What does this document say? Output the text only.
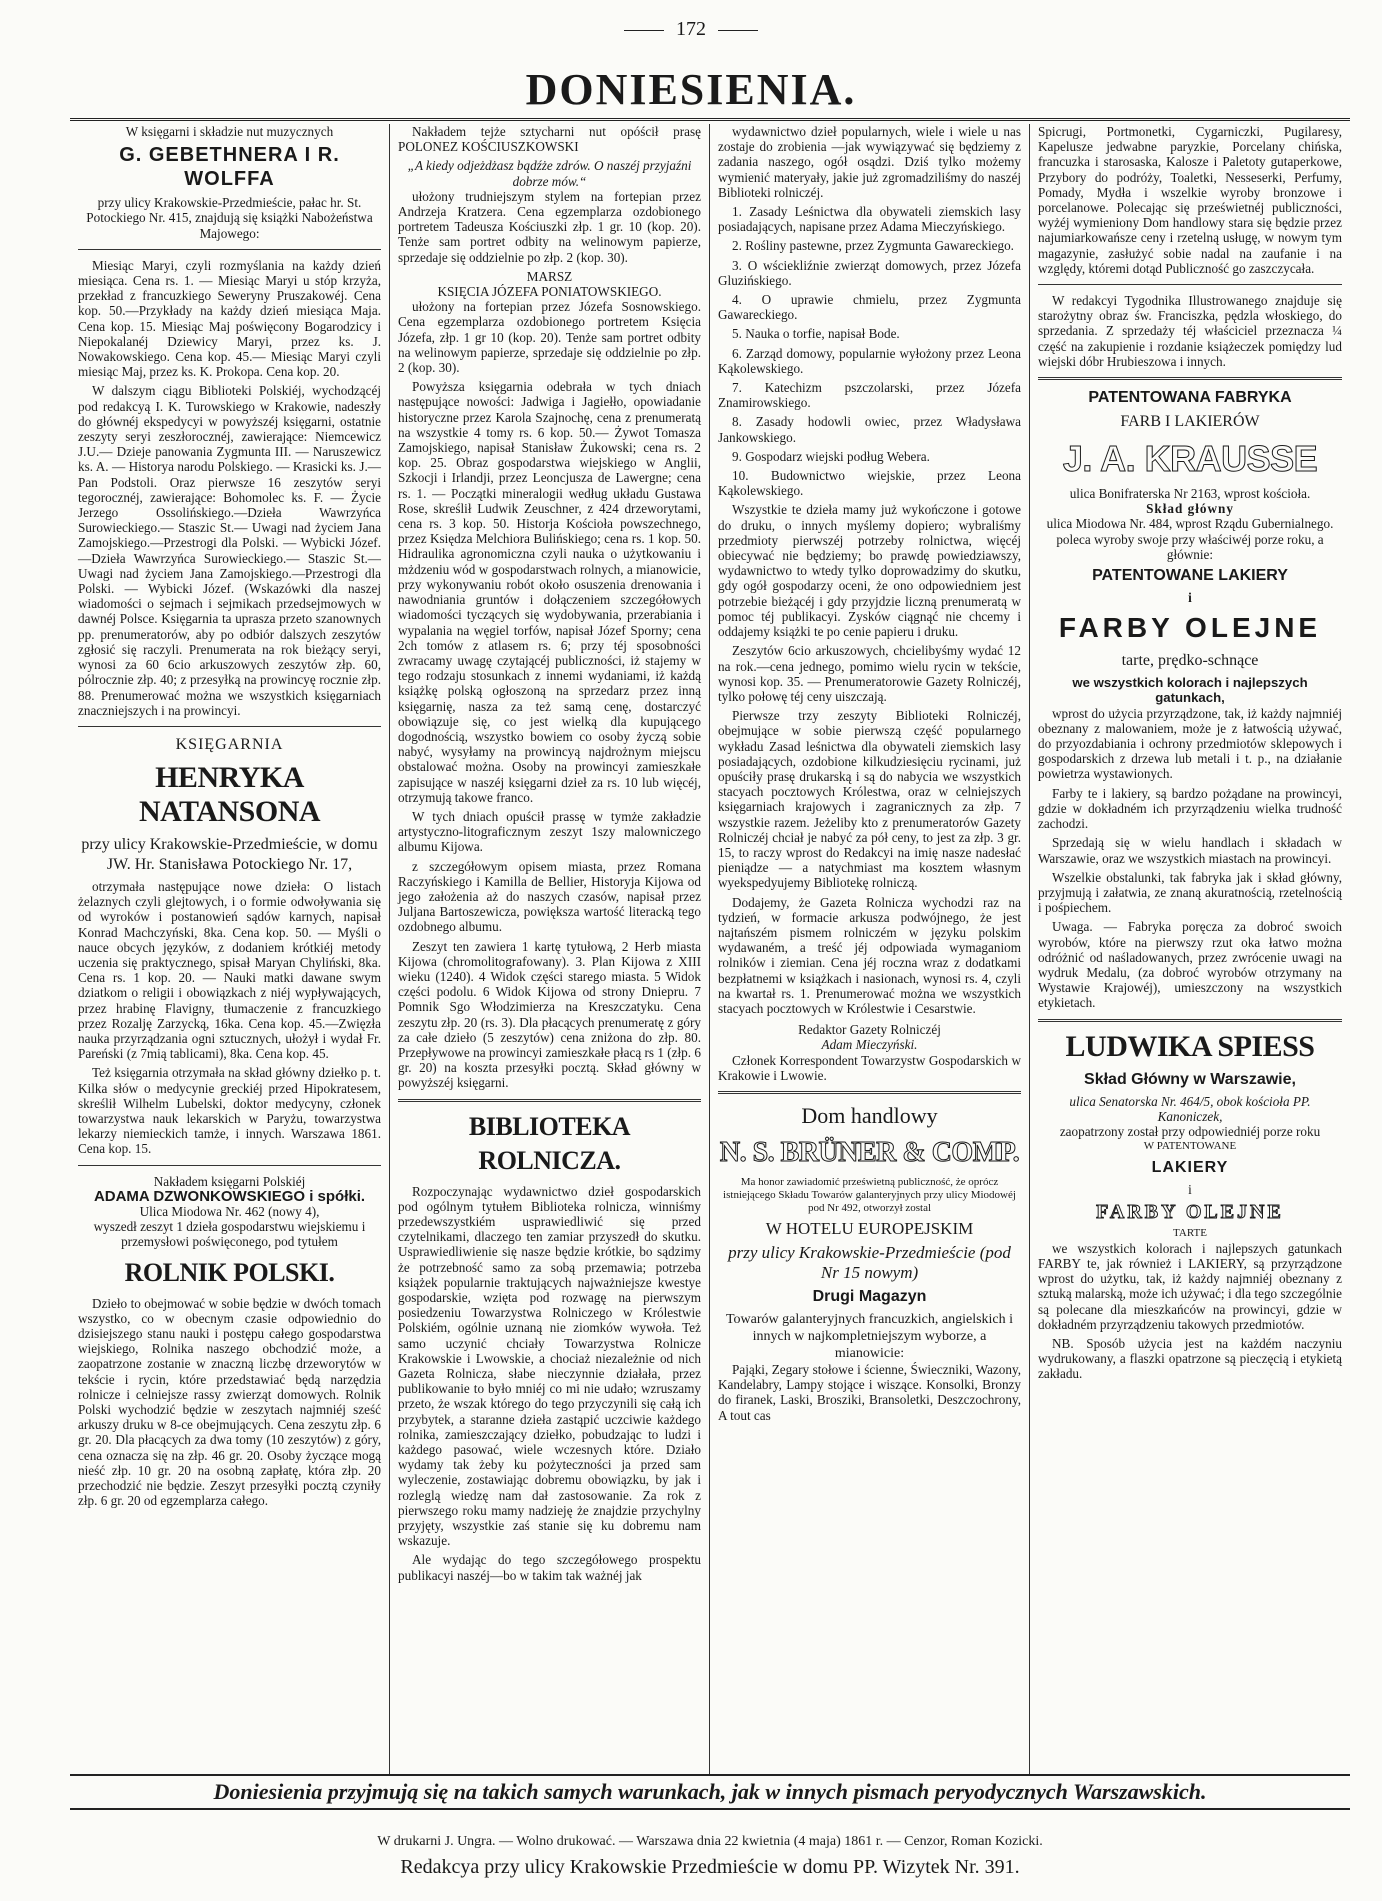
172
DONIESIENIA.
W księgarni i składzie nut muzycznych
G. GEBETHNERA I R. WOLFFA
przy ulicy Krakowskie-Przedmieście, pałac hr. St. Potockiego Nr. 415, znajdują się książki Nabożeństwa Majowego:

Miesiąc Maryi, czyli rozmyślania na każdy dzień miesiąca. Cena rs. 1. — Miesiąc Maryi u stóp krzyża, przekład z francuzkiego Seweryny Pruszakowéj. Cena kop. 50.—Przykłady na każdy dzień miesiąca Maja. Cena kop. 15. Miesiąc Maj poświęcony Bogarodzicy i Niepokalanéj Dziewicy Maryi, przez ks. J. Nowakowskiego. Cena kop. 45.— Miesiąc Maryi czyli miesiąc Maj, przez ks. K. Prokopa. Cena kop. 20.

W dalszym ciągu Biblioteki Polskiéj, wychodzącéj pod redakcyą I. K. Turowskiego w Krakowie, nadeszły do głównéj ekspedycyi w powyższéj księgarni, ostatnie zeszyty seryi zeszłorocznéj, zawierające: Niemcewicz J.U.— Dzieje panowania Zygmunta III. — Naruszewicz ks. A. — Historya narodu Polskiego. — Krasicki ks. J.—Pan Podstoli. Oraz pierwsze 16 zeszytów seryi tegorocznéj, zawierające: Bohomolec ks. F. — Życie Jerzego Ossolińskiego.—Dzieła Wawrzyńca Surowieckiego.— Staszic St.— Uwagi nad życiem Jana Zamojskiego.—Przestrogi dla Polski. — Wybicki Józef.—Dzieła Wawrzyńca Surowieckiego.— Staszic St.— Uwagi nad życiem Jana Zamojskiego.—Przestrogi dla Polski. — Wybicki Józef. (Wskazówki dla naszej wiadomości o sejmach i sejmikach przedsejmowych w dawnéj Polsce. Księgarnia ta uprasza przeto szanownych pp. prenumeratorów, aby po odbiór dalszych zeszytów zgłosić się raczyli. Prenumerata na rok bieżący seryi, wynosi za 60 6cio arkuszowych zeszytów złp. 60, pólrocznie złp. 40; z przesyłką na prowincyę rocznie złp. 88. Prenumerować można we wszystkich księgarniach znaczniejszych i na prowincyi.

KSIĘGARNIA
HENRYKA NATANSONA
przy ulicy Krakowskie-Przedmieście, w domu JW. Hr. Stanisława Potockiego Nr. 17,

otrzymała następujące nowe dzieła: O listach żelaznych czyli glejtowych, i o formie odwoływania się od wyroków i postanowień sądów karnych, napisał Konrad Machczyński, 8ka. Cena kop. 50. — Myśli o nauce obcych języków, z dodaniem krótkiéj metody uczenia się praktycznego, spisał Maryan Chyliński, 8ka. Cena rs. 1 kop. 20. — Nauki matki dawane swym dziatkom o religii i obowiązkach z niéj wypływających, przez hrabinę Flavigny, tłumaczenie z francuzkiego przez Rozalję Zarzycką, 16ka. Cena kop. 45.—Zwięzła nauka przyrządzania ogni sztucznych, ułożył i wydał Fr. Pareński (z 7mią tablicami), 8ka. Cena kop. 45.

Też księgarnia otrzymała na skład główny dziełko p. t. Kilka słów o medycynie greckiéj przed Hipokratesem, skreślił Wilhelm Lubelski, doktor medycyny, członek towarzystwa nauk lekarskich w Paryżu, towarzystwa lekarzy niemieckich tamże, i innych. Warszawa 1861. Cena kop. 15.

Nakładem księgarni Polskiéj
ADAMA DZWONKOWSKIEGO i spółki.
Ulica Miodowa Nr. 462 (nowy 4),
wyszedł zeszyt 1 dzieła gospodarstwu wiejskiemu i przemysłowi poświęconego, pod tytułem
ROLNIK POLSKI.

Dzieło to obejmować w sobie będzie w dwóch tomach wszystko, co w obecnym czasie odpowiednio do dzisiejszego stanu nauki i postępu całego gospodarstwa wiejskiego, Rolnika naszego obchodzić może, a zaopatrzone zostanie w znaczną liczbę drzeworytów w tekście i rycin, które przedstawiać będą narzędzia rolnicze i celniejsze rassy zwierząt domowych. Rolnik Polski wychodzić będzie w zeszytach najmniéj sześć arkuszy druku w 8-ce obejmujących. Cena zeszytu złp. 6 gr. 20. Dla płacących za dwa tomy (10 zeszytów) z góry, cena oznacza się na złp. 46 gr. 20. Osoby życzące mogą nieść złp. 10 gr. 20 na osobną zapłatę, która złp. 20 przechodzić nie będzie. Zeszyt przesyłki pocztą czyniły złp. 6 gr. 20 od egzemplarza całego.

Nakładem tejże sztycharni nut opóścił prasę POLONEZ KOŚCIUSZKOWSKI

„A kiedy odjeżdżasz bądźże zdrów. O naszéj przyjaźni dobrze mów.“

ułożony trudniejszym stylem na fortepian przez Andrzeja Kratzera. Cena egzemplarza ozdobionego portretem Tadeusza Kościuszki złp. 1 gr. 10 (kop. 20). Tenże sam portret odbity na welinowym papierze, sprzedaje się oddzielnie po złp. 2 (kop. 30).

MARSZ
KSIĘCIA JÓZEFA PONIATOWSKIEGO.

ułożony na fortepian przez Józefa Sosnowskiego. Cena egzemplarza ozdobionego portretem Księcia Józefa, złp. 1 gr 10 (kop. 20). Tenże sam portret odbity na welinowym papierze, sprzedaje się oddzielnie po złp. 2 (kop. 30).

Powyższa księgarnia odebrała w tych dniach następujące nowości: Jadwiga i Jagiełło, opowiadanie historyczne przez Karola Szajnochę, cena z prenumeratą na wszystkie 4 tomy rs. 6 kop. 50.— Żywot Tomasza Zamojskiego, napisał Stanisław Żukowski; cena rs. 2 kop. 25. Obraz gospodarstwa wiejskiego w Anglii, Szkocji i Irlandji, przez Leoncjusza de Lawergne; cena rs. 1. — Początki mineralogii według układu Gustawa Rose, skreślił Ludwik Zeuschner, z 424 drzeworytami, cena rs. 3 kop. 50. Historja Kościoła powszechnego, przez Księdza Melchiora Bulińskiego; cena rs. 1 kop. 50. Hidraulika agronomiczna czyli nauka o użytkowaniu i mżdzeniu wód w gospodarstwach rolnych, a mianowicie, przy wykonywaniu robót około osuszenia drenowania i nawodniania gruntów i dołączeniem szczegółowych wiadomości tyczących się wydobywania, przerabiania i wypalania na węgiel torfów, napisał Józef Sporny; cena 2ch tomów z atlasem rs. 6; przy téj sposobności zwracamy uwagę czytającéj publiczności, iż stajemy w tego rodzaju stosunkach z innemi wydaniami, iż każdą książkę polską ogłoszoną na sprzedarz przez inną księgarnię, nasza za też samą cenę, dostarczyć obowiązuje się, co jest wielką dla kupującego dogodnością, wszystko bowiem co osoby życzą sobie nabyć, wysyłamy na prowincyą najdrożnym miejscu obstalować można. Osoby na prowincyi zamieszkałe zapisujące w naszéj księgarni dzieł za rs. 10 lub więcéj, otrzymują takowe franco.

W tych dniach opuścił prassę w tymże zakładzie artystyczno-litograficznym zeszyt 1szy malowniczego albumu Kijowa.

z szczegółowym opisem miasta, przez Romana Raczyńskiego i Kamilla de Bellier, Historyja Kijowa od jego założenia aż do naszych czasów, napisał przez Juljana Bartoszewicza, powiększa wartość literacką tego ozdobnego albumu.

Zeszyt ten zawiera 1 kartę tytułową, 2 Herb miasta Kijowa (chromolitografowany). 3. Plan Kijowa z XIII wieku (1240). 4 Widok części starego miasta. 5 Widok części podolu. 6 Widok Kijowa od strony Dniepru. 7 Pomnik Sgo Włodzimierza na Kreszczatyku. Cena zeszytu złp. 20 (rs. 3). Dla płacących prenumeratę z góry za całe dzieło (5 zeszytów) cena zniżona do złp. 80. Przepływowe na prowincyi zamieszkałe płacą rs 1 (złp. 6 gr. 20) na koszta przesyłki pocztą. Skład główny w powyższéj księgarni.

BIBLIOTEKA ROLNICZA.

Rozpoczynając wydawnictwo dzieł gospodarskich pod ogólnym tytułem Biblioteka rolnicza, winniśmy przedewszystkiém usprawiedliwić się przed czytelnikami, dlaczego ten zamiar przyszedł do skutku. Usprawiedliwienie się nasze będzie krótkie, bo sądzimy że potrzebność samo za sobą przemawia; potrzeba książek popularnie traktujących najważniejsze kwestye gospodarskie, wzięta pod rozwagę na pierwszym posiedzeniu Towarzystwa Rolniczego w Królestwie Polskiém, ogólnie uznaną nie ziomków wywoła. Też samo uczynić chciały Towarzystwa Rolnicze Krakowskie i Lwowskie, a chociaż niezależnie od nich Gazeta Rolnicza, słabe nieczynnie działała, przez publikowanie to było mniéj co mi nie udało; wzruszamy przeto, że wszak którego do tego przyczynili się całą ich przybytek, a staranne dzieła zastąpić uczciwie każdego rolnika, zamieszczający dziełko, pobudzając to ludzi i każdego pasować, wiele wczesnych które. Działo wydamy tak żeby ku pożyteczności ja przed sam wyleczenie, zostawiając dobremu obowiązku, by jak i rozleglą wiedzę nam dał zastosowanie. Za rok z pierwszego roku mamy nadzieję że znajdzie przychylny przyjęty, wszystkie zaś stanie się ku dobremu nam wskazuje.

Ale wydając do tego szczegółowego prospektu publikacyi naszéj—bo w takim tak ważnéj jak

wydawnictwo dzieł popularnych, wiele i wiele u nas zostaje do zrobienia —jak wywiązywać się będziemy z zadania naszego, ogół osądzi. Dziś tylko możemy wymienić materyały, jakie już zgromadziliśmy do naszéj Biblioteki rolniczéj.

1. Zasady Leśnictwa dla obywateli ziemskich lasy posiadających, napisane przez Adama Mieczyńskiego.

2. Rośliny pastewne, przez Zygmunta Gawareckiego.

3. O wściekliźnie zwierząt domowych, przez Józefa Gluzińskiego.

4. O uprawie chmielu, przez Zygmunta Gawareckiego.

5. Nauka o torfie, napisał Bode.

6. Zarząd domowy, popularnie wyłożony przez Leona Kąkolewskiego.

7. Katechizm pszczolarski, przez Józefa Znamirowskiego.

8. Zasady hodowli owiec, przez Władysława Jankowskiego.

9. Gospodarz wiejski podług Webera.

10. Budownictwo wiejskie, przez Leona Kąkolewskiego.

Wszystkie te dzieła mamy już wykończone i gotowe do druku, o innych myślemy dopiero; wybraliśmy przedmioty pierwszéj potrzeby rolnictwa, więcéj obiecywać nie będziemy; bo prawdę powiedziawszy, wydawnictwo to wtedy tylko doprowadzimy do skutku, gdy ogół gospodarzy oceni, że ono odpowiedniem jest potrzebie bieżącéj i gdy przyjdzie liczną prenumeratą w pomoc téj publikacyi. Zysków ciągnąć nie chcemy i oddajemy książki te po cenie papieru i druku.

Zeszytów 6cio arkuszowych, chcielibyśmy wydać 12 na rok.—cena jednego, pomimo wielu rycin w tekście, wynosi kop. 35. — Prenumeratorowie Gazety Rolniczéj, tylko połowę téj ceny uiszczają.

Pierwsze trzy zeszyty Biblioteki Rolniczéj, obejmujące w sobie pierwszą część popularnego wykładu Zasad leśnictwa dla obywateli ziemskich lasy posiadających, ozdobione kilkudziesięciu rycinami, już opuściły prasę drukarską i są do nabycia we wszystkich stacyach pocztowych Królestwa, oraz w celniejszych księgarniach krajowych i zagranicznych za złp. 7 wszystkie razem. Jeżeliby kto z prenumeratorów Gazety Rolniczéj chciał je nabyć za pół ceny, to jest za złp. 3 gr. 15, to raczy wprost do Redakcyi na imię nasze nadesłać pieniądze — a natychmiast ma kosztem własnym wyekspedyujemy Bibliotekę rolniczą.

Dodajemy, że Gazeta Rolnicza wychodzi raz na tydzień, w formacie arkusza podwójnego, że jest najtańszém pismem rolniczém w języku polskim wydawaném, a treść jéj odpowiada wymaganiom rolników i ziemian. Cena jéj roczna wraz z dodatkami bezpłatnemi w książkach i nasionach, wynosi rs. 4, czyli na kwartał rs. 1. Prenumerować można we wszystkich stacyach pocztowych w Królestwie i Cesarstwie.

Redaktor Gazety Rolniczéj
Adam Mieczyński.

Członek Korrespondent Towarzystw Gospodarskich w Krakowie i Lwowie.

Dom handlowy
N. S. BRÜNER & COMP.
Ma honor zawiadomić prześwietną publiczność, że oprócz istniejącego Składu Towarów galanteryjnych przy ulicy Miodowéj pod Nr 492, otworzył zostal
W HOTELU EUROPEJSKIM
przy ulicy Krakowskie-Przedmieście (pod Nr 15 nowym)
Drugi Magazyn
Towarów galanteryjnych francuzkich, angielskich i innych w najkompletniejszym wyborze, a mianowicie:

Pająki, Zegary stołowe i ścienne, Świeczniki, Wazony, Kandelabry, Lampy stojące i wiszące. Konsolki, Bronzy do firanek, Laski, Brosziki, Bransoletki, Deszczochrony, A tout cas

Spicrugi, Portmonetki, Cygarniczki, Pugilaresy, Kapelusze jedwabne paryzkie, Porcelany chińska, francuzka i starosaska, Kalosze i Paletoty gutaperkowe, Przybory do podróży, Toaletki, Nesseserki, Perfumy, Pomady, Mydła i wszelkie wyroby bronzowe i porcelanowe. Polecając się prześwietnéj publiczności, wyżéj wymieniony Dom handlowy stara się będzie przez najumiarkowańsze ceny i rzetelną usługę, w nowym tym magazynie, zasłużyć sobie nadal na zaufanie i na względy, któremi dotąd Publiczność go zaszczycała.

W redakcyi Tygodnika Illustrowanego znajduje się starożytny obraz św. Franciszka, pędzla włoskiego, do sprzedania. Z sprzedaży téj właściciel przeznacza ¼ część na zakupienie i rozdanie książeczek pomiędzy lud wiejski dóbr Hrubieszowa i innych.

PATENTOWANA FABRYKA
FARB I LAKIERÓW
J. A. KRAUSSE
ulica Bonifraterska Nr 2163, wprost kościoła.
Skład główny
ulica Miodowa Nr. 484, wprost Rządu Gubernialnego.
poleca wyroby swoje przy właściwéj porze roku, a głównie:
PATENTOWANE LAKIERY
i
FARBY OLEJNE
tarte, prędko-schnące
we wszystkich kolorach i najlepszych gatunkach,

wprost do użycia przyrządzone, tak, iż każdy najmniéj obeznany z malowaniem, może je z łatwością używać, do przyozdabiania i ochrony przedmiotów sklepowych i gospodarskich z drzewa lub metali i t. p., na działanie powietrza wystawionych.

Farby te i lakiery, są bardzo pożądane na prowincyi, gdzie w dokładném ich przyrządzeniu wielka trudność zachodzi.

Sprzedają się w wielu handlach i składach w Warszawie, oraz we wszystkich miastach na prowincyi.

Wszelkie obstalunki, tak fabryka jak i skład główny, przyjmują i załatwia, ze znaną akuratnością, rzetelnością i pośpiechem.

Uwaga. — Fabryka poręcza za dobroć swoich wyrobów, które na pierwszy rzut oka łatwo można odróżnić od naśladowanych, przez zwrócenie uwagi na wydruk Medalu, (za dobroć wyrobów otrzymany na Wystawie Krajowéj), umieszczony na wszystkich etykietach.

LUDWIKA SPIESS
Skład Główny w Warszawie,
ulica Senatorska Nr. 464/5, obok kościoła PP. Kanoniczek,
zaopatrzony został przy odpowiedniéj porze roku
W PATENTOWANE
LAKIERY
i
FARBY OLEJNE
TARTE

we wszystkich kolorach i najlepszych gatunkach FARBY te, jak również i LAKIERY, są przyrządzone wprost do użytku, tak, iż każdy najmniéj obeznany z sztuką malarską, może ich używać; i dla tego szczególnie są polecane dla mieszkańców na prowincyi, gdzie w dokładném przyrządzeniu takowych przedmiotów.

NB. Sposób użycia jest na każdém naczyniu wydrukowany, a flaszki opatrzone są pieczęcią i etykietą zakładu.

Doniesienia przyjmują się na takich samych warunkach, jak w innych pismach peryodycznych Warszawskich.
W drukarni J. Ungra. — Wolno drukować. — Warszawa dnia 22 kwietnia (4 maja) 1861 r. — Cenzor, Roman Kozicki.
Redakcya przy ulicy Krakowskie Przedmieście w domu PP. Wizytek Nr. 391.
